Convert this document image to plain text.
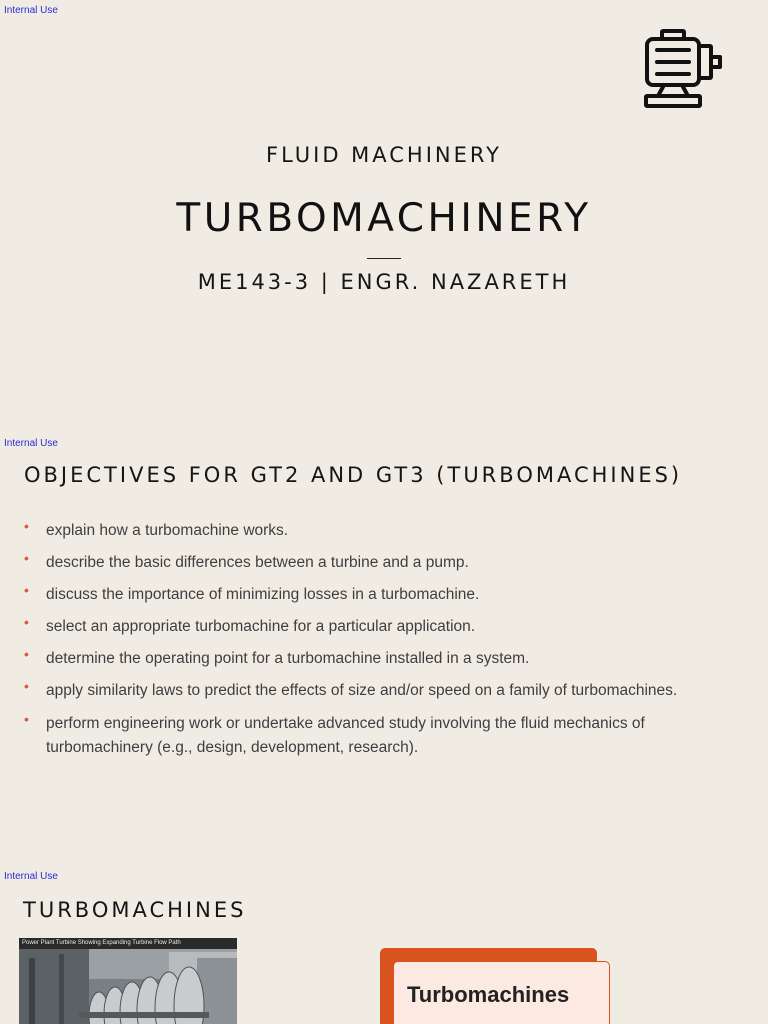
Internal Use
FLUID MACHINERY
TURBOMACHINERY
ME143-3 | ENGR. NAZARETH
Internal Use
OBJECTIVES FOR GT2 AND GT3 (TURBOMACHINES)
• explain how a turbomachine works.
• describe the basic differences between a turbine and a pump.
• discuss the importance of minimizing losses in a turbomachine.
• select an appropriate turbomachine for a particular application.
• determine the operating point for a turbomachine installed in a system.
• apply similarity laws to predict the effects of size and/or speed on a family of turbomachines.
• perform engineering work or undertake advanced study involving the fluid mechanics of turbomachinery (e.g., design, development, research).
Internal Use
TURBOMACHINES
Power Plant Turbine Showing Expanding Turbine Flow Path
Turbomachines
